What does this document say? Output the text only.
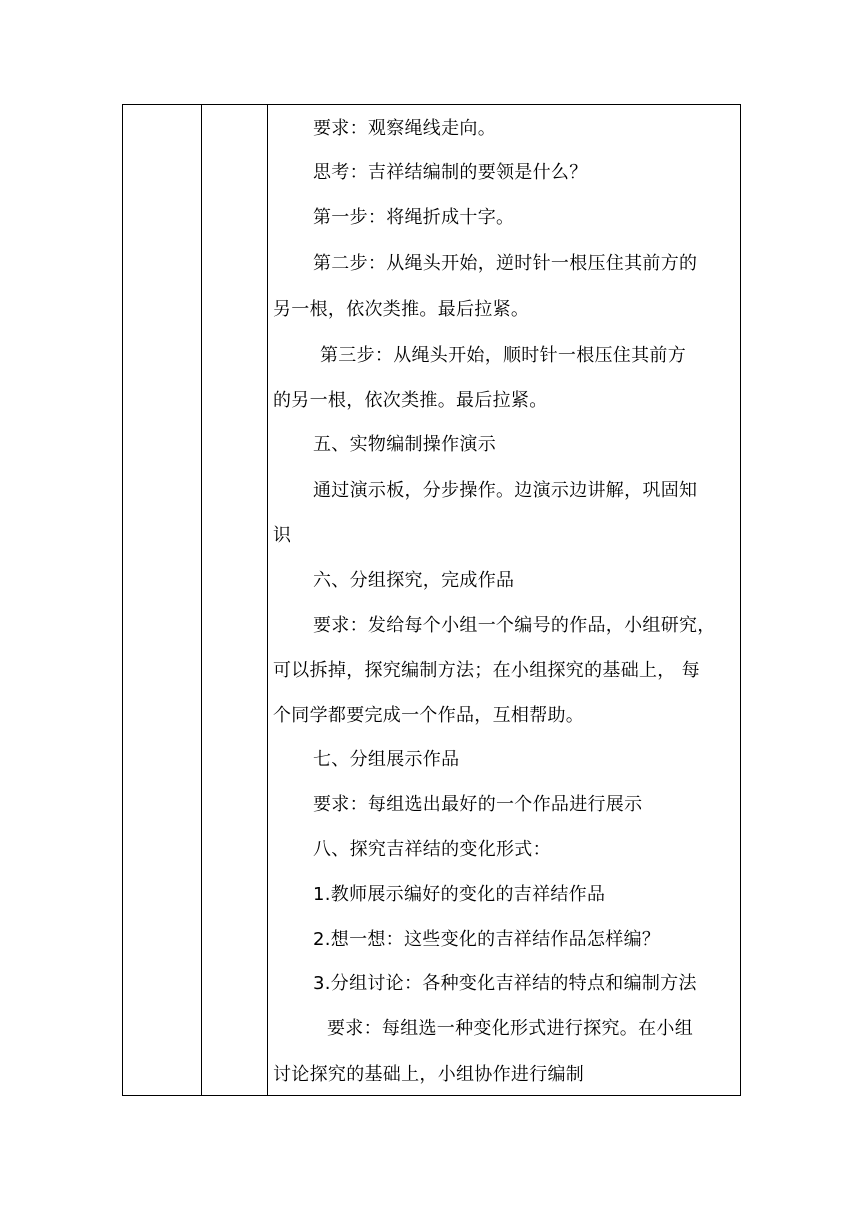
要求：观察绳线走向。
思考：吉祥结编制的要领是什么？
第一步：将绳折成十字。
第二步：从绳头开始，逆时针一根压住其前方的
另一根，依次类推。最后拉紧。
第三步：从绳头开始，顺时针一根压住其前方
的另一根，依次类推。最后拉紧。
五、实物编制操作演示
通过演示板，分步操作。边演示边讲解，巩固知
识
六、分组探究，完成作品
要求：发给每个小组一个编号的作品，小组研究，
可以拆掉，探究编制方法；在小组探究的基础上， 每
个同学都要完成一个作品，互相帮助。
七、分组展示作品
要求：每组选出最好的一个作品进行展示
八、探究吉祥结的变化形式：
1.教师展示编好的变化的吉祥结作品
2.想一想：这些变化的吉祥结作品怎样编？
3.分组讨论：各种变化吉祥结的特点和编制方法
要求：每组选一种变化形式进行探究。在小组
讨论探究的基础上，小组协作进行编制
